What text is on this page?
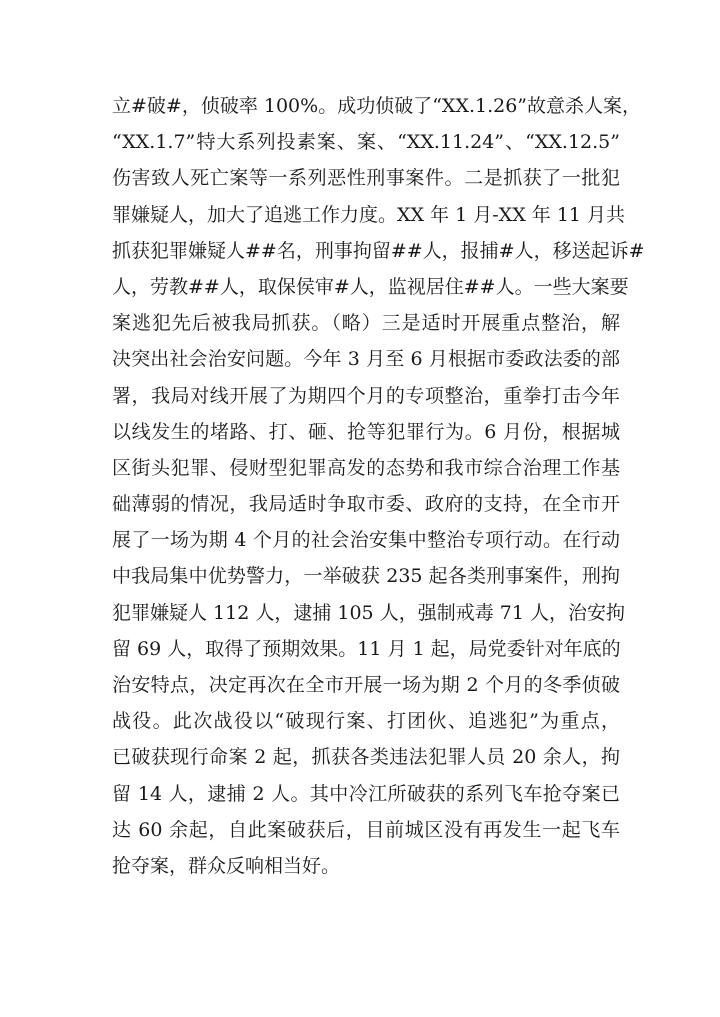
立#破#，侦破率 100%。成功侦破了“XX.1.26”故意杀人案，
“XX.1.7”特大系列投素案、案、“XX.11.24”、“XX.12.5”
伤害致人死亡案等一系列恶性刑事案件。二是抓获了一批犯
罪嫌疑人，加大了追逃工作力度。XX 年 1 月-XX 年 11 月共
抓获犯罪嫌疑人##名，刑事拘留##人，报捕#人，移送起诉#
人，劳教##人，取保侯审#人，监视居住##人。一些大案要
案逃犯先后被我局抓获。（略）三是适时开展重点整治，解
决突出社会治安问题。今年 3 月至 6 月根据市委政法委的部
署，我局对线开展了为期四个月的专项整治，重拳打击今年
以线发生的堵路、打、砸、抢等犯罪行为。6 月份，根据城
区街头犯罪、侵财型犯罪高发的态势和我市综合治理工作基
础薄弱的情况，我局适时争取市委、政府的支持，在全市开
展了一场为期 4 个月的社会治安集中整治专项行动。在行动
中我局集中优势警力，一举破获 235 起各类刑事案件，刑拘
犯罪嫌疑人 112 人，逮捕 105 人，强制戒毒 71 人，治安拘
留 69 人，取得了预期效果。11 月 1 起，局党委针对年底的
治安特点，决定再次在全市开展一场为期 2 个月的冬季侦破
战役。此次战役以“破现行案、打团伙、追逃犯”为重点，
已破获现行命案 2 起，抓获各类违法犯罪人员 20 余人，拘
留 14 人，逮捕 2 人。其中冷江所破获的系列飞车抢夺案已
达 60 余起，自此案破获后，目前城区没有再发生一起飞车
抢夺案，群众反响相当好。
